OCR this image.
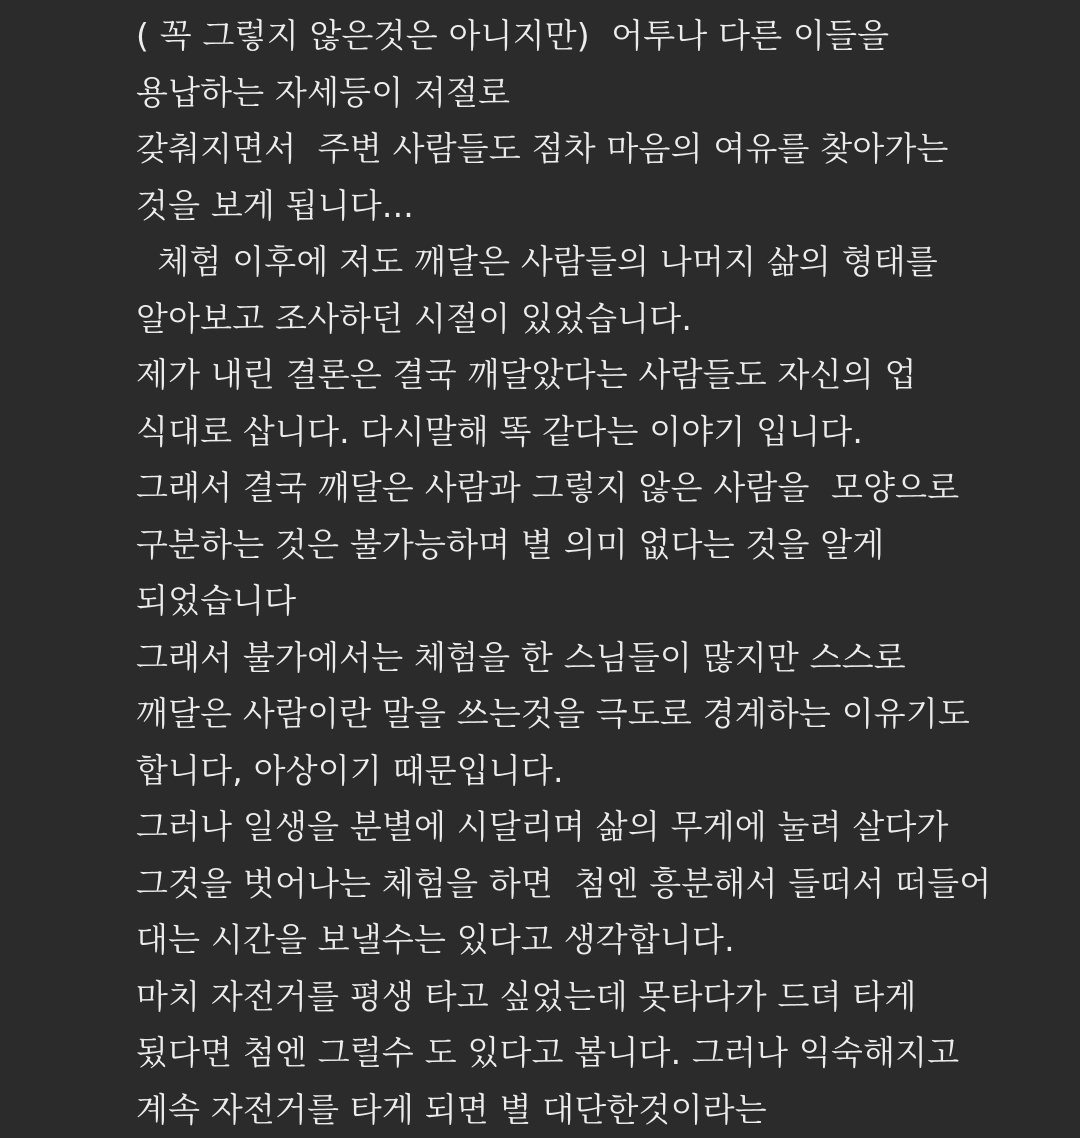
( 꼭 그렇지 않은것은 아니지만)  어투나 다른 이들을
용납하는 자세등이 저절로
갖춰지면서  주변 사람들도 점차 마음의 여유를 찾아가는
것을 보게 됩니다...
체험 이후에 저도 깨달은 사람들의 나머지 삶의 형태를
알아보고 조사하던 시절이 있었습니다.
제가 내린 결론은 결국 깨달았다는 사람들도 자신의 업
식대로 삽니다. 다시말해 똑 같다는 이야기 입니다.
그래서 결국 깨달은 사람과 그렇지 않은 사람을  모양으로
구분하는 것은 불가능하며 별 의미 없다는 것을 알게
되었습니다
그래서 불가에서는 체험을 한 스님들이 많지만 스스로
깨달은 사람이란 말을 쓰는것을 극도로 경계하는 이유기도
합니다, 아상이기 때문입니다.
그러나 일생을 분별에 시달리며 삶의 무게에 눌려 살다가
그것을 벗어나는 체험을 하면  첨엔 흥분해서 들떠서 떠들어
대는 시간을 보낼수는 있다고 생각합니다.
마치 자전거를 평생 타고 싶었는데 못타다가 드뎌 타게
됬다면 첨엔 그럴수 도 있다고 봅니다. 그러나 익숙해지고
계속 자전거를 타게 되면 별 대단한것이라는
